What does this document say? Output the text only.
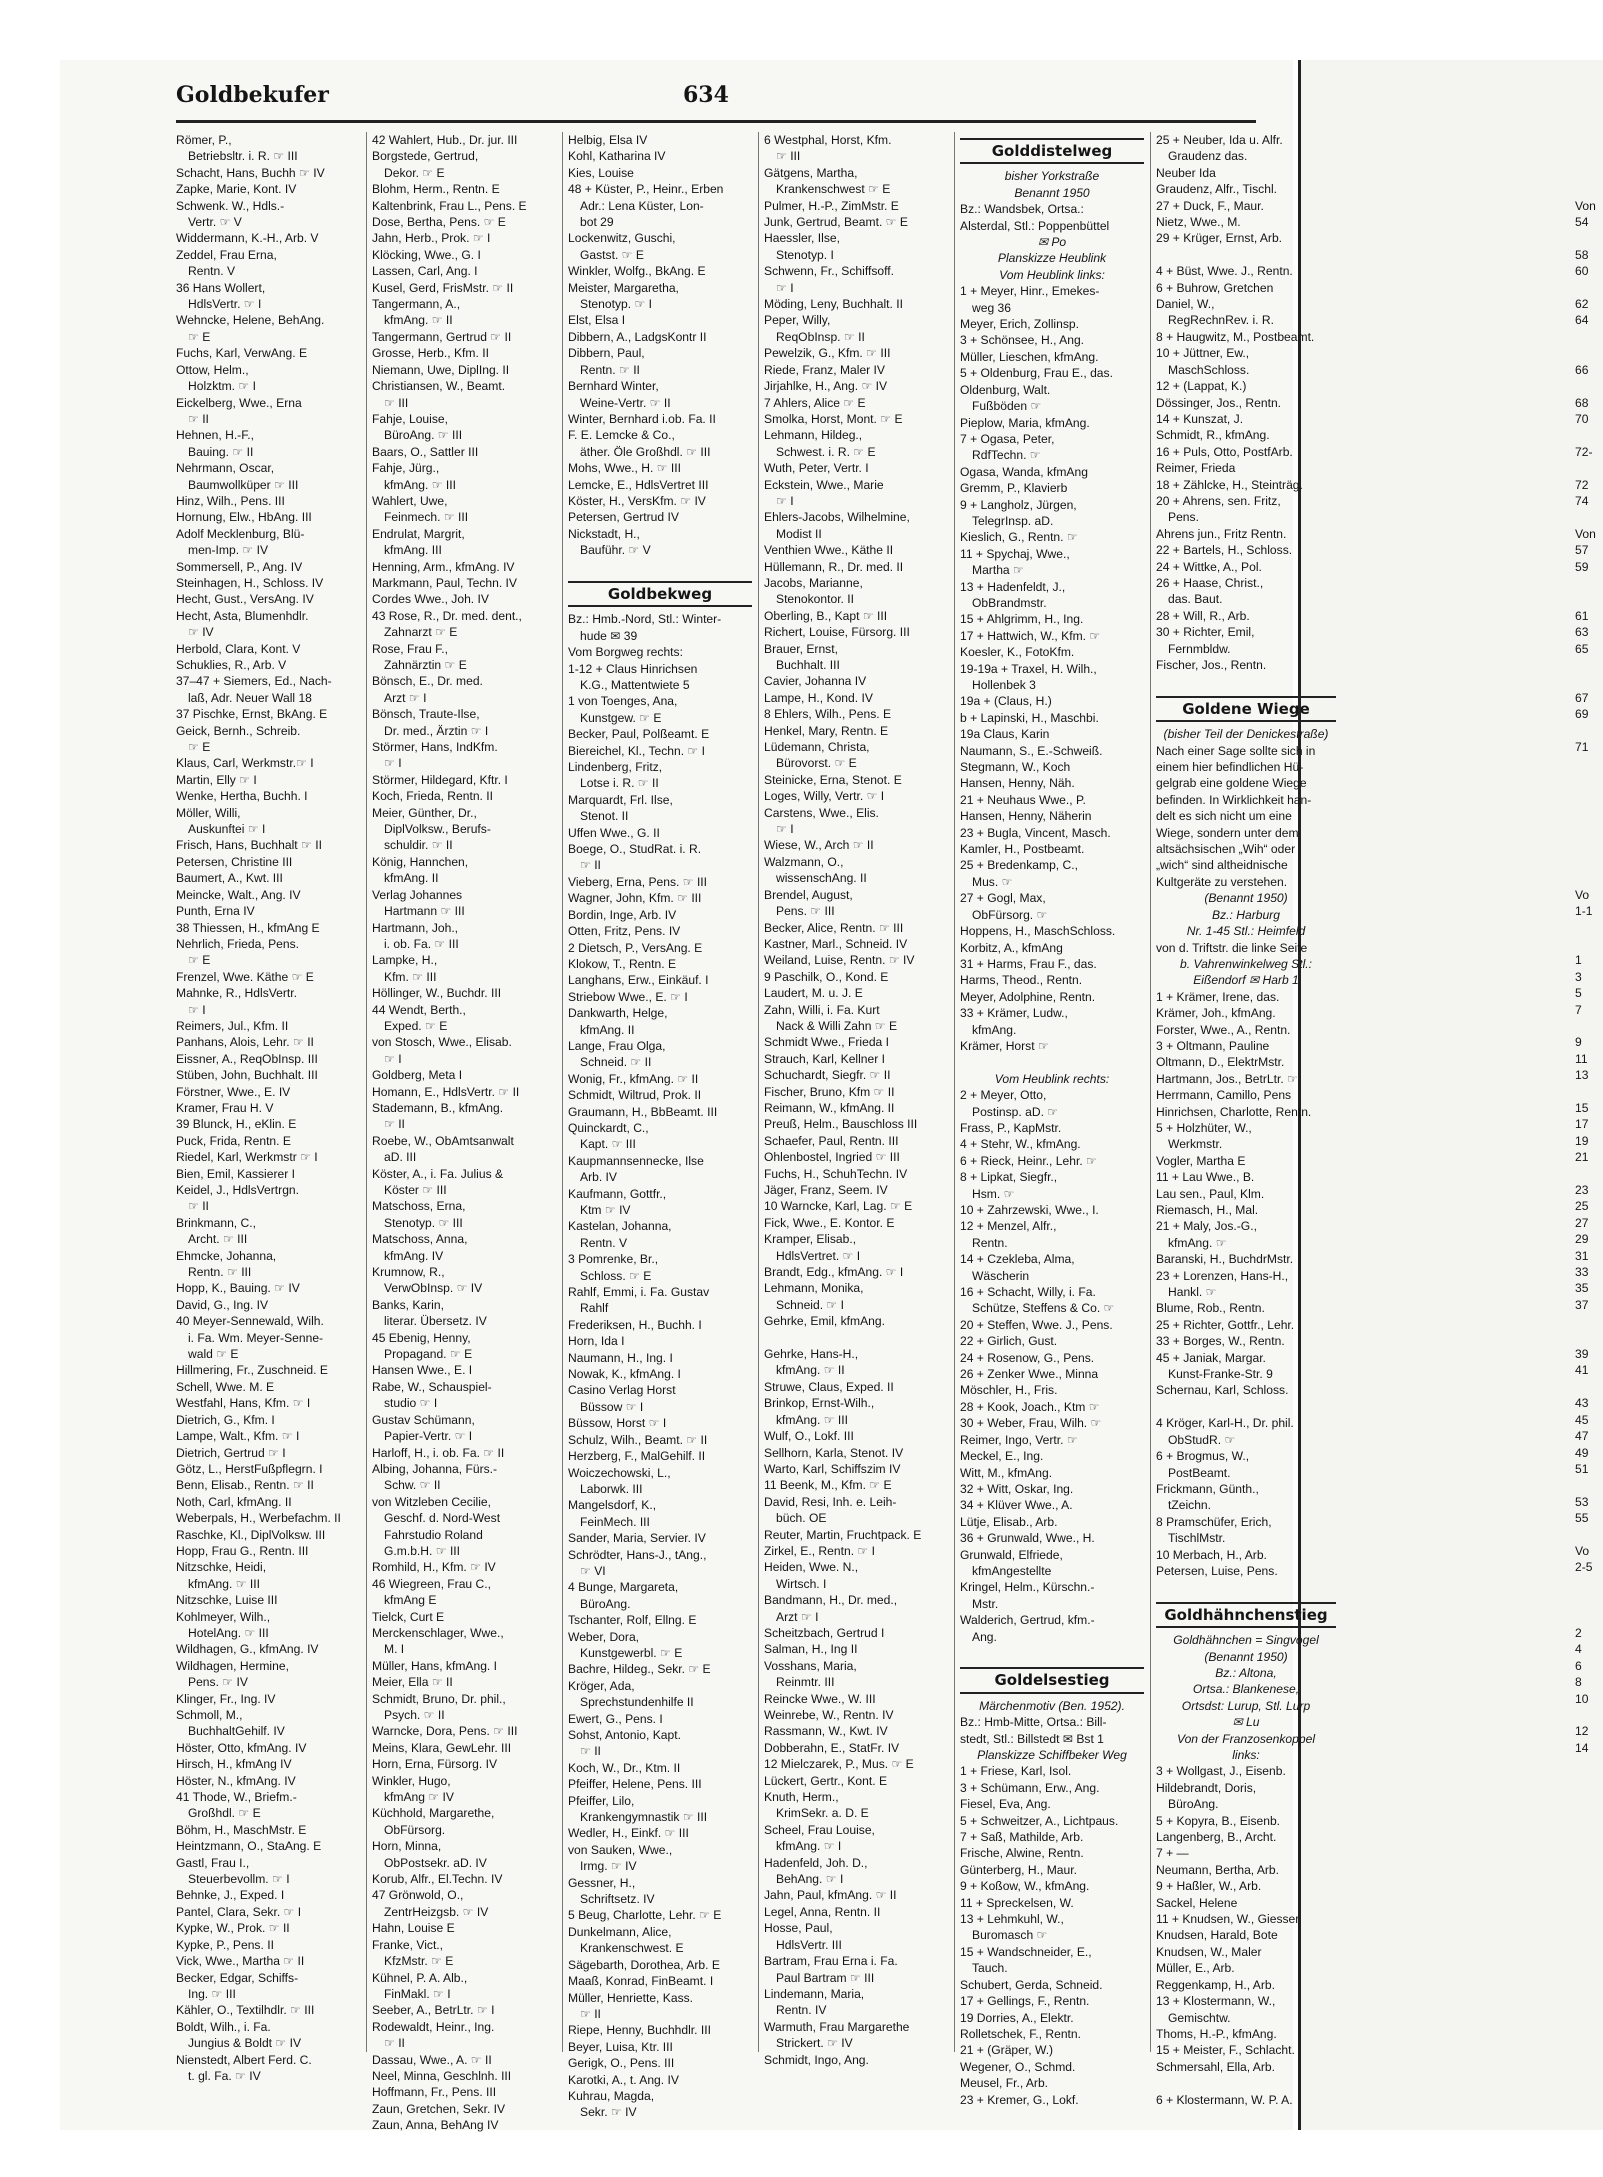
Goldbekufer	634
Römer, P.,
Betriebsltr. i. R. ☞ III
Schacht, Hans, Buchh ☞ IV
Zapke, Marie, Kont. IV
Schwenk. W., Hdls.-
Vertr. ☞ V
Widdermann, K.-H., Arb. V
Zeddel, Frau Erna,
Rentn. V
36 Hans Wollert,
HdlsVertr. ☞ I
Wehncke, Helene, BehAng.
☞ E
Fuchs, Karl, VerwAng. E
Ottow, Helm.,
Holzktm. ☞ I
Eickelberg, Wwe., Erna
☞ II
Hehnen, H.-F.,
Bauing. ☞ II
Nehrmann, Oscar,
Baumwollküper ☞ III
Hinz, Wilh., Pens. III
Hornung, Elw., HbAng. III
Adolf Mecklenburg, Blü-
men-Imp. ☞ IV
Sommersell, P., Ang. IV
Steinhagen, H., Schloss. IV
Hecht, Gust., VersAng. IV
Hecht, Asta, Blumenhdlr.
☞ IV
Herbold, Clara, Kont. V
Schuklies, R., Arb. V
37–47 + Siemers, Ed., Nach-
laß, Adr. Neuer Wall 18
37 Pischke, Ernst, BkAng. E
Geick, Bernh., Schreib.
☞ E
Klaus, Carl, Werkmstr.☞ I
Martin, Elly ☞ I
Wenke, Hertha, Buchh. I
Möller, Willi,
Auskunftei ☞ I
Frisch, Hans, Buchhalt ☞ II
Petersen, Christine III
Baumert, A., Kwt. III
Meincke, Walt., Ang. IV
Punth, Erna IV
38 Thiessen, H., kfmAng E
Nehrlich, Frieda, Pens.
☞ E
Frenzel, Wwe. Käthe ☞ E
Mahnke, R., HdlsVertr.
☞ I
Reimers, Jul., Kfm. II
Panhans, Alois, Lehr. ☞ II
Eissner, A., ReqObInsp. III
Stüben, John, Buchhalt. III
Förstner, Wwe., E. IV
Kramer, Frau H. V
39 Blunck, H., eKlin. E
Puck, Frida, Rentn. E
Riedel, Karl, Werkmstr ☞ I
Bien, Emil, Kassierer I
Keidel, J., HdlsVertrgn.
☞ II
Brinkmann, C.,
Archt. ☞ III
Ehmcke, Johanna,
Rentn. ☞ III
Hopp, K., Bauing. ☞ IV
David, G., Ing. IV
40 Meyer-Sennewald, Wilh.
i. Fa. Wm. Meyer-Senne-
wald ☞ E
Hillmering, Fr., Zuschneid. E
Schell, Wwe. M. E
Westfahl, Hans, Kfm. ☞ I
Dietrich, G., Kfm. I
Lampe, Walt., Kfm. ☞ I
Dietrich, Gertrud ☞ I
Götz, L., HerstFußpflegrn. I
Benn, Elisab., Rentn. ☞ II
Noth, Carl, kfmAng. II
Weberpals, H., Werbefachm. II
Raschke, Kl., DiplVolksw. III
Hopp, Frau G., Rentn. III
Nitzschke, Heidi,
kfmAng. ☞ III
Nitzschke, Luise III
Kohlmeyer, Wilh.,
HotelAng. ☞ III
Wildhagen, G., kfmAng. IV
Wildhagen, Hermine,
Pens. ☞ IV
Klinger, Fr., Ing. IV
Schmoll, M.,
BuchhaltGehilf. IV
Höster, Otto, kfmAng. IV
Hirsch, H., kfmAng IV
Höster, N., kfmAng. IV
41 Thode, W., Briefm.-
Großhdl. ☞ E
Böhm, H., MaschMstr. E
Heintzmann, O., StaAng. E
Gastl, Frau I.,
Steuerbevollm. ☞ I
Behnke, J., Exped. I
Pantel, Clara, Sekr. ☞ I
Kypke, W., Prok. ☞ II
Kypke, P., Pens. II
Vick, Wwe., Martha ☞ II
Becker, Edgar, Schiffs-
Ing. ☞ III
Kähler, O., Textilhdlr. ☞ III
Boldt, Wilh., i. Fa.
Jungius & Boldt ☞ IV
Nienstedt, Albert Ferd. C.
t. gl. Fa. ☞ IV
42 Wahlert, Hub., Dr. jur. III
Borgstede, Gertrud,
Dekor. ☞ E
Blohm, Herm., Rentn. E
Kaltenbrink, Frau L., Pens. E
Dose, Bertha, Pens. ☞ E
Jahn, Herb., Prok. ☞ I
Klöcking, Wwe., G. I
Lassen, Carl, Ang. I
Kusel, Gerd, FrisMstr. ☞ II
Tangermann, A.,
kfmAng. ☞ II
Tangermann, Gertrud ☞ II
Grosse, Herb., Kfm. II
Niemann, Uwe, DiplIng. II
Christiansen, W., Beamt.
☞ III
Fahje, Louise,
BüroAng. ☞ III
Baars, O., Sattler III
Fahje, Jürg.,
kfmAng. ☞ III
Wahlert, Uwe,
Feinmech. ☞ III
Endrulat, Margrit,
kfmAng. III
Henning, Arm., kfmAng. IV
Markmann, Paul, Techn. IV
Cordes Wwe., Joh. IV
43 Rose, R., Dr. med. dent.,
Zahnarzt ☞ E
Rose, Frau F.,
Zahnärztin ☞ E
Bönsch, E., Dr. med.
Arzt ☞ I
Bönsch, Traute-Ilse,
Dr. med., Ärztin ☞ I
Störmer, Hans, IndKfm.
☞ I
Störmer, Hildegard, Kftr. I
Koch, Frieda, Rentn. II
Meier, Günther, Dr.,
DiplVolksw., Berufs-
schuldir. ☞ II
König, Hannchen,
kfmAng. II
Verlag Johannes
Hartmann ☞ III
Hartmann, Joh.,
i. ob. Fa. ☞ III
Lampke, H.,
Kfm. ☞ III
Höllinger, W., Buchdr. III
44 Wendt, Berth.,
Exped. ☞ E
von Stosch, Wwe., Elisab.
☞ I
Goldberg, Meta I
Homann, E., HdlsVertr. ☞ II
Stademann, B., kfmAng.
☞ II
Roebe, W., ObAmtsanwalt
aD. III
Köster, A., i. Fa. Julius &
Köster ☞ III
Matschoss, Erna,
Stenotyp. ☞ III
Matschoss, Anna,
kfmAng. IV
Krumnow, R.,
VerwObInsp. ☞ IV
Banks, Karin,
literar. Übersetz. IV
45 Ebenig, Henny,
Propagand. ☞ E
Hansen Wwe., E. I
Rabe, W., Schauspiel-
studio ☞ I
Gustav Schümann,
Papier-Vertr. ☞ I
Harloff, H., i. ob. Fa. ☞ II
Albing, Johanna, Fürs.-
Schw. ☞ II
von Witzleben Cecilie,
Geschf. d. Nord-West
Fahrstudio Roland
G.m.b.H. ☞ III
Romhild, H., Kfm. ☞ IV
46 Wiegreen, Frau C.,
kfmAng E
Tielck, Curt E
Merckenschlager, Wwe.,
M. I
Müller, Hans, kfmAng. I
Meier, Ella ☞ II
Schmidt, Bruno, Dr. phil.,
Psych. ☞ II
Warncke, Dora, Pens. ☞ III
Meins, Klara, GewLehr. III
Horn, Erna, Fürsorg. IV
Winkler, Hugo,
kfmAng ☞ IV
Küchhold, Margarethe,
ObFürsorg.
Horn, Minna,
ObPostsekr. aD. IV
Korub, Alfr., El.Techn. IV
47 Grönwold, O.,
ZentrHeizgsb. ☞ IV
Hahn, Louise E
Franke, Vict.,
KfzMstr. ☞ E
Kühnel, P. A. Alb.,
FinMakl. ☞ I
Seeber, A., BetrLtr. ☞ I
Rodewaldt, Heinr., Ing.
☞ II
Dassau, Wwe., A. ☞ II
Neel, Minna, Geschlnh. III
Hoffmann, Fr., Pens. III
Zaun, Gretchen, Sekr. IV
Zaun, Anna, BehAng IV
Helbig, Elsa IV
Kohl, Katharina IV
Kies, Louise
48 + Küster, P., Heinr., Erben
Adr.: Lena Küster, Lon-
bot 29
Lockenwitz, Guschi,
Gastst. ☞ E
Winkler, Wolfg., BkAng. E
Meister, Margaretha,
Stenotyp. ☞ I
Elst, Elsa I
Dibbern, A., LadgsKontr II
Dibbern, Paul,
Rentn. ☞ II
Bernhard Winter,
Weine-Vertr. ☞ II
Winter, Bernhard i.ob. Fa. II
F. E. Lemcke & Co.,
äther. Öle Großhdl. ☞ III
Mohs, Wwe., H. ☞ III
Lemcke, E., HdlsVertret III
Köster, H., VersKfm. ☞ IV
Petersen, Gertrud IV
Nickstadt, H.,
Bauführ. ☞ V

Goldbekweg
Bz.: Hmb.-Nord, Stl.: Winter-
hude ✉ 39
Vom Borgweg rechts:
1-12 + Claus Hinrichsen
K.G., Mattentwiete 5
1 von Toenges, Ana,
Kunstgew. ☞ E
Becker, Paul, Polßeamt. E
Biereichel, Kl., Techn. ☞ I
Lindenberg, Fritz,
Lotse i. R. ☞ II
Marquardt, Frl. Ilse,
Stenot. II
Uffen Wwe., G. II
Boege, O., StudRat. i. R.
☞ II
Vieberg, Erna, Pens. ☞ III
Wagner, John, Kfm. ☞ III
Bordin, Inge, Arb. IV
Otten, Fritz, Pens. IV
2 Dietsch, P., VersAng. E
Klokow, T., Rentn. E
Langhans, Erw., Einkäuf. I
Striebow Wwe., E. ☞ I
Dankwarth, Helge,
kfmAng. II
Lange, Frau Olga,
Schneid. ☞ II
Wonig, Fr., kfmAng. ☞ II
Schmidt, Wiltrud, Prok. II
Graumann, H., BbBeamt. III
Quinckardt, C.,
Kapt. ☞ III
Kaupmannsennecke, Ilse
Arb. IV
Kaufmann, Gottfr.,
Ktm ☞ IV
Kastelan, Johanna,
Rentn. V
3 Pomrenke, Br.,
Schloss. ☞ E
Rahlf, Emmi, i. Fa. Gustav
Rahlf
Frederiksen, H., Buchh. I
Horn, Ida I
Naumann, H., Ing. I
Nowak, K., kfmAng. I
Casino Verlag Horst
Büssow ☞ I
Büssow, Horst ☞ I
Schulz, Wilh., Beamt. ☞ II
Herzberg, F., MalGehilf. II
Woiczechowski, L.,
Laborwk. III
Mangelsdorf, K.,
FeinMech. III
Sander, Maria, Servier. IV
Schrödter, Hans-J., tAng.,
☞ VI
4 Bunge, Margareta,
BüroAng.
Tschanter, Rolf, Ellng. E
Weber, Dora,
Kunstgewerbl. ☞ E
Bachre, Hildeg., Sekr. ☞ E
Kröger, Ada,
Sprechstundenhilfe II
Ewert, G., Pens. I
Sohst, Antonio, Kapt.
☞ II
Koch, W., Dr., Ktm. II
Pfeiffer, Helene, Pens. III
Pfeiffer, Lilo,
Krankengymnastik ☞ III
Wedler, H., Einkf. ☞ III
von Sauken, Wwe.,
Irmg. ☞ IV
Gessner, H.,
Schriftsetz. IV
5 Beug, Charlotte, Lehr. ☞ E
Dunkelmann, Alice,
Krankenschwest. E
Sägebarth, Dorothea, Arb. E
Maaß, Konrad, FinBeamt. I
Müller, Henriette, Kass.
☞ II
Riepe, Henny, Buchhdlr. III
Beyer, Luisa, Ktr. III
Gerigk, O., Pens. III
Karotki, A., t. Ang. IV
Kuhrau, Magda,
Sekr. ☞ IV
6 Westphal, Horst, Kfm.
☞ III
Gätgens, Martha,
Krankenschwest ☞ E
Pulmer, H.-P., ZimMstr. E
Junk, Gertrud, Beamt. ☞ E
Haessler, Ilse,
Stenotyp. I
Schwenn, Fr., Schiffsoff.
☞ I
Möding, Leny, Buchhalt. II
Peper, Willy,
ReqObInsp. ☞ II
Pewelzik, G., Kfm. ☞ III
Riede, Franz, Maler IV
Jirjahlke, H., Ang. ☞ IV
7 Ahlers, Alice ☞ E
Smolka, Horst, Mont. ☞ E
Lehmann, Hildeg.,
Schwest. i. R. ☞ E
Wuth, Peter, Vertr. I
Eckstein, Wwe., Marie
☞ I
Ehlers-Jacobs, Wilhelmine,
Modist II
Venthien Wwe., Käthe II
Hüllemann, R., Dr. med. II
Jacobs, Marianne,
Stenokontor. II
Oberling, B., Kapt ☞ III
Richert, Louise, Fürsorg. III
Brauer, Ernst,
Buchhalt. III
Cavier, Johanna IV
Lampe, H., Kond. IV
8 Ehlers, Wilh., Pens. E
Henkel, Mary, Rentn. E
Lüdemann, Christa,
Bürovorst. ☞ E
Steinicke, Erna, Stenot. E
Loges, Willy, Vertr. ☞ I
Carstens, Wwe., Elis.
☞ I
Wiese, W., Arch ☞ II
Walzmann, O.,
wissenschAng. II
Brendel, August,
Pens. ☞ III
Becker, Alice, Rentn. ☞ III
Kastner, Marl., Schneid. IV
Weiland, Luise, Rentn. ☞ IV
9 Paschilk, O., Kond. E
Laudert, M. u. J. E
Zahn, Willi, i. Fa. Kurt
Nack & Willi Zahn ☞ E
Schmidt Wwe., Frieda I
Strauch, Karl, Kellner I
Schuchardt, Siegfr. ☞ II
Fischer, Bruno, Kfm ☞ II
Reimann, W., kfmAng. II
Preuß, Helm., Bauschloss III
Schaefer, Paul, Rentn. III
Ohlenbostel, Ingried ☞ III
Fuchs, H., SchuhTechn. IV
Jäger, Franz, Seem. IV
10 Warncke, Karl, Lag. ☞ E
Fick, Wwe., E. Kontor. E
Kramper, Elisab.,
HdlsVertret. ☞ I
Brandt, Edg., kfmAng. ☞ I
Lehmann, Monika,
Schneid. ☞ I
Gehrke, Emil, kfmAng.

Gehrke, Hans-H.,
kfmAng. ☞ II
Struwe, Claus, Exped. II
Brinkop, Ernst-Wilh.,
kfmAng. ☞ III
Wulf, O., Lokf. III
Sellhorn, Karla, Stenot. IV
Warto, Karl, Schiffszim IV
11 Beenk, M., Kfm. ☞ E
David, Resi, Inh. e. Leih-
büch. OE
Reuter, Martin, Fruchtpack. E
Zirkel, E., Rentn. ☞ I
Heiden, Wwe. N.,
Wirtsch. I
Bandmann, H., Dr. med.,
Arzt ☞ I
Scheitzbach, Gertrud I
Salman, H., Ing II
Vosshans, Maria,
Reinmtr. III
Reincke Wwe., W. III
Weinrebe, W., Rentn. IV
Rassmann, W., Kwt. IV
Dobberahn, E., StatFr. IV
12 Mielczarek, P., Mus. ☞ E
Lückert, Gertr., Kont. E
Knuth, Herm.,
KrimSekr. a. D. E
Scheel, Frau Louise,
kfmAng. ☞ I
Hadenfeld, Joh. D.,
BehAng. ☞ I
Jahn, Paul, kfmAng. ☞ II
Legel, Anna, Rentn. II
Hosse, Paul,
HdlsVertr. III
Bartram, Frau Erna i. Fa.
Paul Bartram ☞ III
Lindemann, Maria,
Rentn. IV
Warmuth, Frau Margarethe
Strickert. ☞ IV
Schmidt, Ingo, Ang.
Golddistelweg
bisher Yorkstraße
Benannt 1950
Bz.: Wandsbek, Ortsa.:
Alsterdal, Stl.: Poppenbüttel
✉ Po
Planskizze Heublink
Vom Heublink links:
1 + Meyer, Hinr., Emekes-
weg 36
Meyer, Erich, Zollinsp.
3 + Schönsee, H., Ang.
Müller, Lieschen, kfmAng.
5 + Oldenburg, Frau E., das.
Oldenburg, Walt.
Fußböden ☞
Pieplow, Maria, kfmAng.
7 + Ogasa, Peter,
RdfTechn. ☞
Ogasa, Wanda, kfmAng
Gremm, P., Klavierb
9 + Langholz, Jürgen,
TelegrInsp. aD.
Kieslich, G., Rentn. ☞
11 + Spychaj, Wwe.,
Martha ☞
13 + Hadenfeldt, J.,
ObBrandmstr.
15 + Ahlgrimm, H., Ing.
17 + Hattwich, W., Kfm. ☞
Koesler, K., FotoKfm.
19-19a + Traxel, H. Wilh.,
Hollenbek 3
19a + (Claus, H.)
b + Lapinski, H., Maschbi.
19a Claus, Karin
Naumann, S., E.-Schweiß.
Stegmann, W., Koch
Hansen, Henny, Näh.
21 + Neuhaus Wwe., P.
Hansen, Henny, Näherin
23 + Bugla, Vincent, Masch.
Kamler, H., Postbeamt.
25 + Bredenkamp, C.,
Mus. ☞
27 + Gogl, Max,
ObFürsorg. ☞
Hoppens, H., MaschSchloss.
Korbitz, A., kfmAng
31 + Harms, Frau F., das.
Harms, Theod., Rentn.
Meyer, Adolphine, Rentn.
33 + Krämer, Ludw.,
kfmAng.
Krämer, Horst ☞

Vom Heublink rechts:
2 + Meyer, Otto,
Postinsp. aD. ☞
Frass, P., KapMstr.
4 + Stehr, W., kfmAng.
6 + Rieck, Heinr., Lehr. ☞
8 + Lipkat, Siegfr.,
Hsm. ☞
10 + Zahrzewski, Wwe., I.
12 + Menzel, Alfr.,
Rentn.
14 + Czekleba, Alma,
Wäscherin
16 + Schacht, Willy, i. Fa.
Schütze, Steffens & Co. ☞
20 + Steffen, Wwe. J., Pens.
22 + Girlich, Gust.
24 + Rosenow, G., Pens.
26 + Zenker Wwe., Minna
Möschler, H., Fris.
28 + Kook, Joach., Ktm ☞
30 + Weber, Frau, Wilh. ☞
Reimer, Ingo, Vertr. ☞
Meckel, E., Ing.
Witt, M., kfmAng.
32 + Witt, Oskar, Ing.
34 + Klüver Wwe., A.
Lütje, Elisab., Arb.
36 + Grunwald, Wwe., H.
Grunwald, Elfriede,
kfmAngestellte
Kringel, Helm., Kürschn.-
Mstr.
Walderich, Gertrud, kfm.-
Ang.

Goldelsestieg
Märchenmotiv (Ben. 1952).
Bz.: Hmb-Mitte, Ortsa.: Bill-
stedt, Stl.: Billstedt ✉ Bst 1
Planskizze Schiffbeker Weg
1 + Friese, Karl, Isol.
3 + Schümann, Erw., Ang.
Fiesel, Eva, Ang.
5 + Schweitzer, A., Lichtpaus.
7 + Saß, Mathilde, Arb.
Frische, Alwine, Rentn.
Günterberg, H., Maur.
9 + Koßow, W., kfmAng.
11 + Spreckelsen, W.
13 + Lehmkuhl, W.,
Buromasch ☞
15 + Wandschneider, E.,
Tauch.
Schubert, Gerda, Schneid.
17 + Gellings, F., Rentn.
19 Dorries, A., Elektr.
Rolletschek, F., Rentn.
21 + (Gräper, W.)
Wegener, O., Schmd.
Meusel, Fr., Arb.
23 + Kremer, G., Lokf.
25 + Neuber, Ida u. Alfr.
Graudenz das.
Neuber Ida
Graudenz, Alfr., Tischl.
27 + Duck, F., Maur.
Nietz, Wwe., M.
29 + Krüger, Ernst, Arb.

4 + Büst, Wwe. J., Rentn.
6 + Buhrow, Gretchen
Daniel, W.,
RegRechnRev. i. R.
8 + Haugwitz, M., Postbeamt.
10 + Jüttner, Ew.,
MaschSchloss.
12 + (Lappat, K.)
Dössinger, Jos., Rentn.
14 + Kunszat, J.
Schmidt, R., kfmAng.
16 + Puls, Otto, PostfArb.
Reimer, Frieda
18 + Zählcke, H., Steinträg.
20 + Ahrens, sen. Fritz,
Pens.
Ahrens jun., Fritz Rentn.
22 + Bartels, H., Schloss.
24 + Wittke, A., Pol.
26 + Haase, Christ.,
das. Baut.
28 + Will, R., Arb.
30 + Richter, Emil,
Fernmbldw.
Fischer, Jos., Rentn.

Goldene Wiege
(bisher Teil der Denickestraße)
Nach einer Sage sollte sich in
einem hier befindlichen Hü-
gelgrab eine goldene Wiege
befinden. In Wirklichkeit han-
delt es sich nicht um eine
Wiege, sondern unter dem
altsächsischen „Wih“ oder
„wich“ sind altheidnische
Kultgeräte zu verstehen.
(Benannt 1950)
Bz.: Harburg
Nr. 1-45 Stl.: Heimfeld
von d. Triftstr. die linke Seite
b. Vahrenwinkelweg Stl.:
Eißendorf ✉ Harb 1
1 + Krämer, Irene, das.
Krämer, Joh., kfmAng.
Forster, Wwe., A., Rentn.
3 + Oltmann, Pauline
Oltmann, D., ElektrMstr.
Hartmann, Jos., BetrLtr. ☞
Herrmann, Camillo, Pens
Hinrichsen, Charlotte, Rentn.
5 + Holzhüter, W.,
Werkmstr.
Vogler, Martha E
11 + Lau Wwe., B.
Lau sen., Paul, Klm.
Riemasch, H., Mal.
21 + Maly, Jos.-G.,
kfmAng. ☞
Baranski, H., BuchdrMstr.
23 + Lorenzen, Hans-H.,
Hankl. ☞
Blume, Rob., Rentn.
25 + Richter, Gottfr., Lehr.
33 + Borges, W., Rentn.
45 + Janiak, Margar.
Kunst-Franke-Str. 9
Schernau, Karl, Schloss.

4 Kröger, Karl-H., Dr. phil.
ObStudR. ☞
6 + Brogmus, W.,
PostBeamt.
Frickmann, Günth.,
tZeichn.
8 Pramschüfer, Erich,
TischlMstr.
10 Merbach, H., Arb.
Petersen, Luise, Pens.

Goldhähnchenstieg
Goldhähnchen = Singvogel
(Benannt 1950)
Bz.: Altona,
Ortsa.: Blankenese,
Ortsdst: Lurup, Stl. Lurp
✉ Lu
Von der Franzosenkoppel
links:
3 + Wollgast, J., Eisenb.
Hildebrandt, Doris,
BüroAng.
5 + Kopyra, B., Eisenb.
Langenberg, B., Archt.
7 + —
Neumann, Bertha, Arb.
9 + Haßler, W., Arb.
Sackel, Helene
11 + Knudsen, W., Giesser
Knudsen, Harald, Bote
Knudsen, W., Maler
Müller, E., Arb.
Reggenkamp, H., Arb.
13 + Klostermann, W.,
Gemischtw.
Thoms, H.-P., kfmAng.
15 + Meister, F., Schlacht.
Schmersahl, Ella, Arb.

6 + Klostermann, W. P. A.

Von
54

58
60

62
64

66

68
70

72-

72
74

Von
57
59

61
63
65

67
69

71

Vo
1-1

1
3
5
7

9
11
13

15
17
19
21

23
25
27
29
31
33
35
37

39
41

43
45
47
49
51

53
55

Vo
2-5

2
4
6
8
10

12
14
